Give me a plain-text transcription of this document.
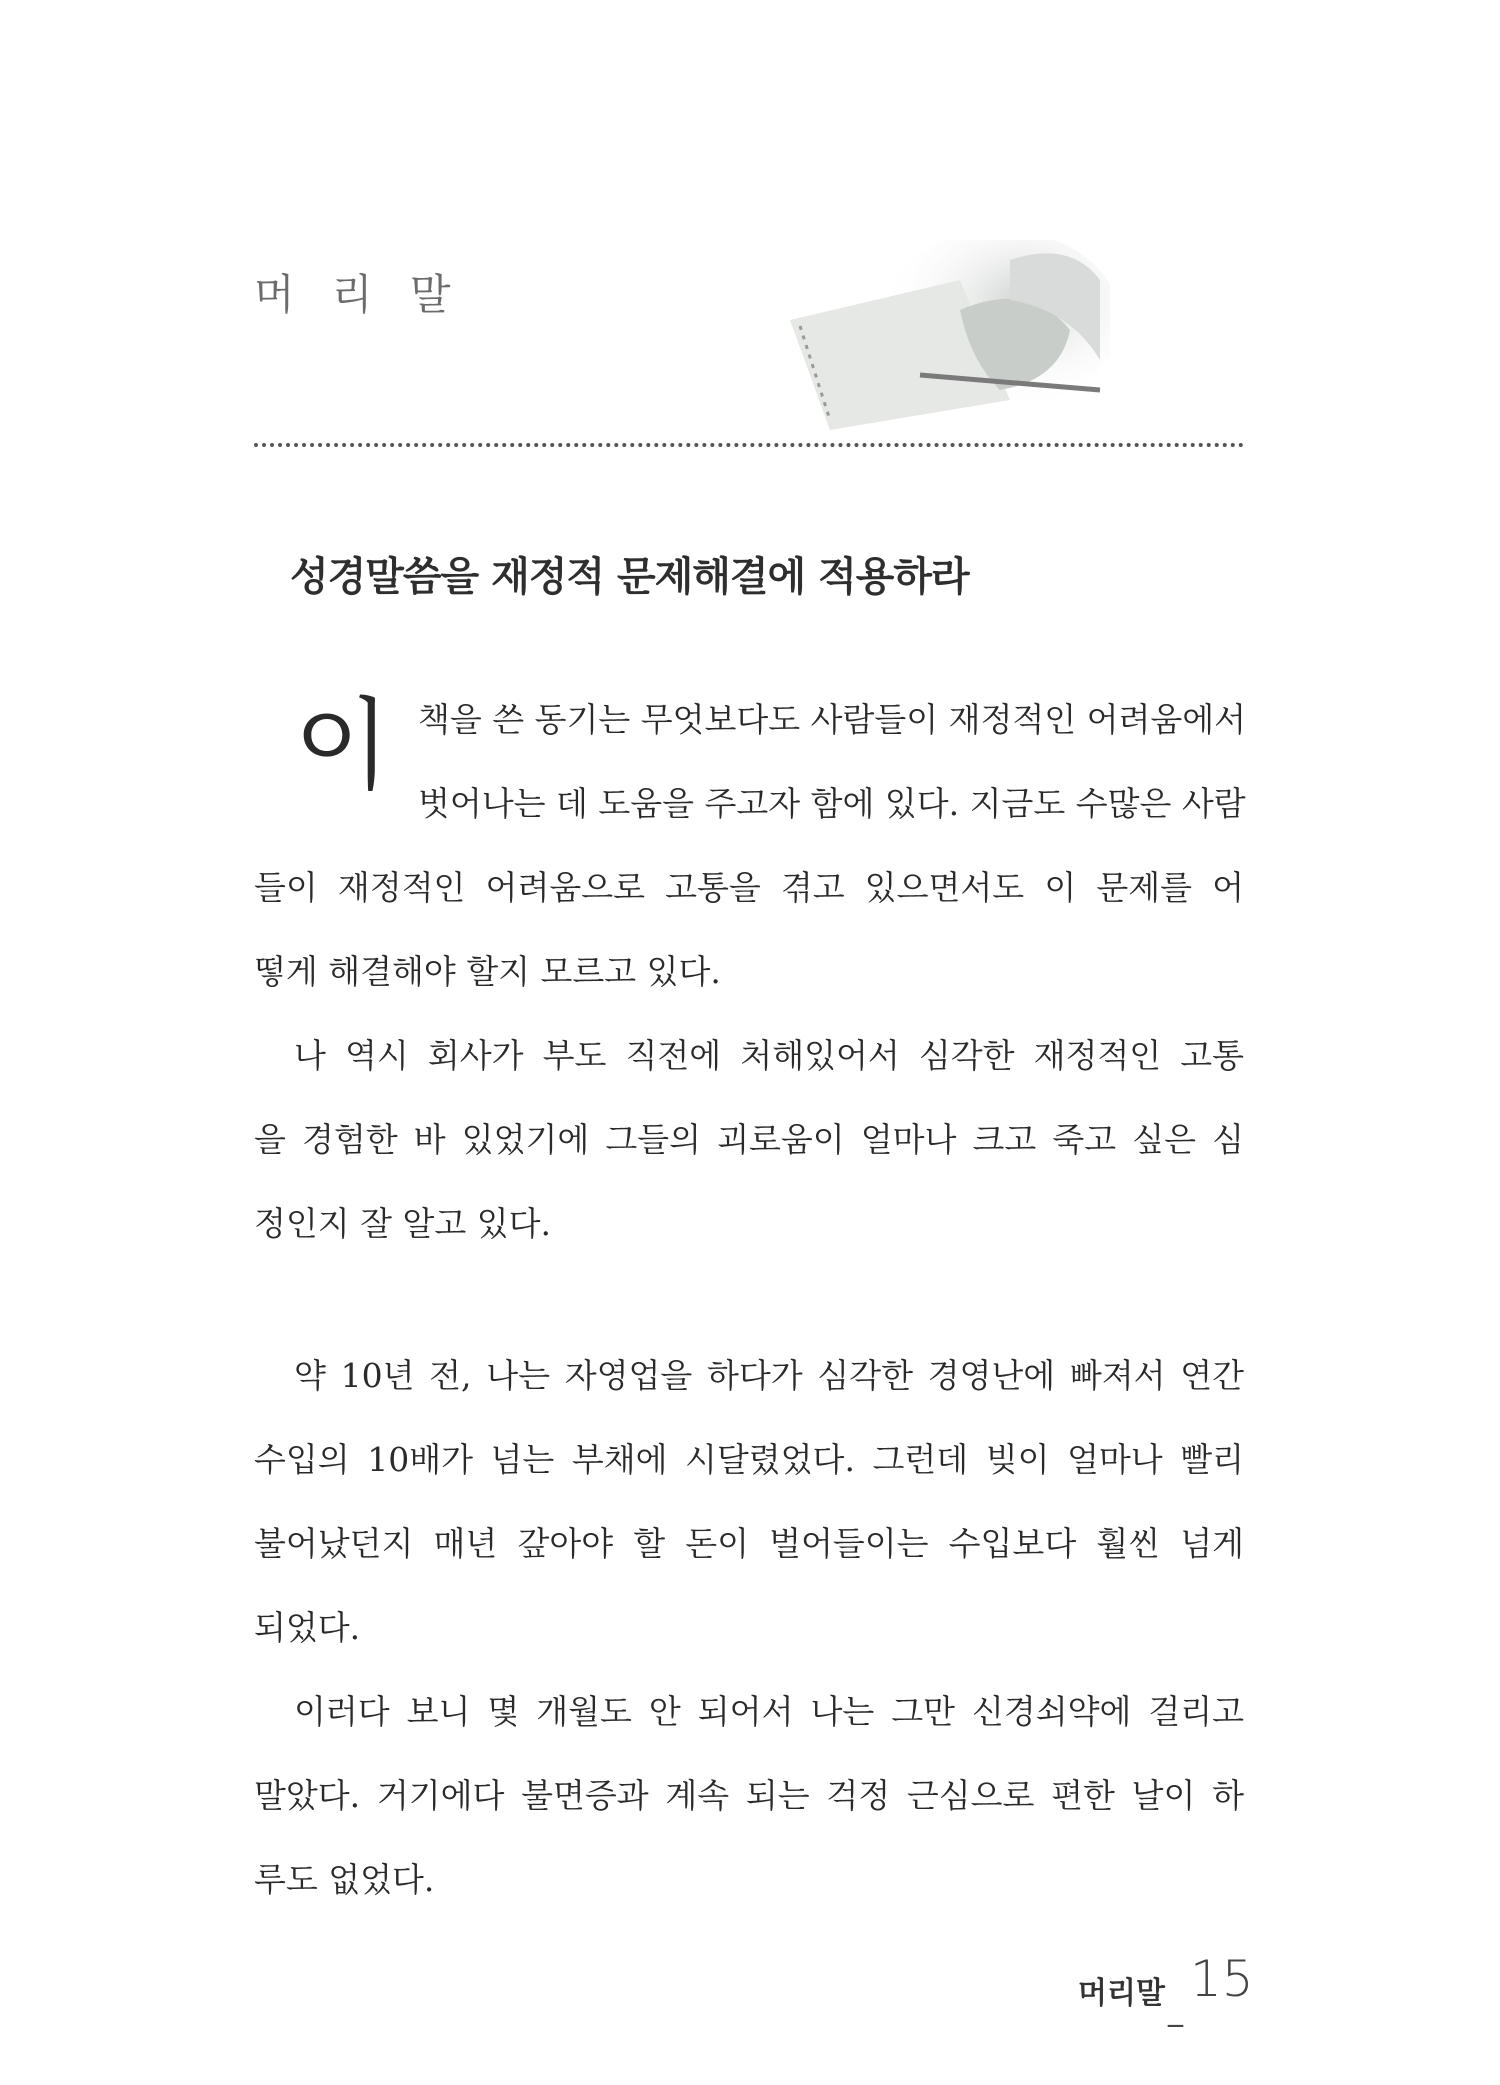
머 리 말
성경말씀을 재정적 문제해결에 적용하라
이 책을 쓴 동기는 무엇보다도 사람들이 재정적인 어려움에서
벗어나는 데 도움을 주고자 함에 있다. 지금도 수많은 사람
들이 재정적인 어려움으로 고통을 겪고 있으면서도 이 문제를 어
떻게 해결해야 할지 모르고 있다.
나 역시 회사가 부도 직전에 처해있어서 심각한 재정적인 고통
을 경험한 바 있었기에 그들의 괴로움이 얼마나 크고 죽고 싶은 심
정인지 잘 알고 있다.
약 10년 전, 나는 자영업을 하다가 심각한 경영난에 빠져서 연간
수입의 10배가 넘는 부채에 시달렸었다. 그런데 빚이 얼마나 빨리
불어났던지 매년 갚아야 할 돈이 벌어들이는 수입보다 훨씬 넘게
되었다.
이러다 보니 몇 개월도 안 되어서 나는 그만 신경쇠약에 걸리고
말았다. 거기에다 불면증과 계속 되는 걱정 근심으로 편한 날이 하
루도 없었다.
머리말 _
15
